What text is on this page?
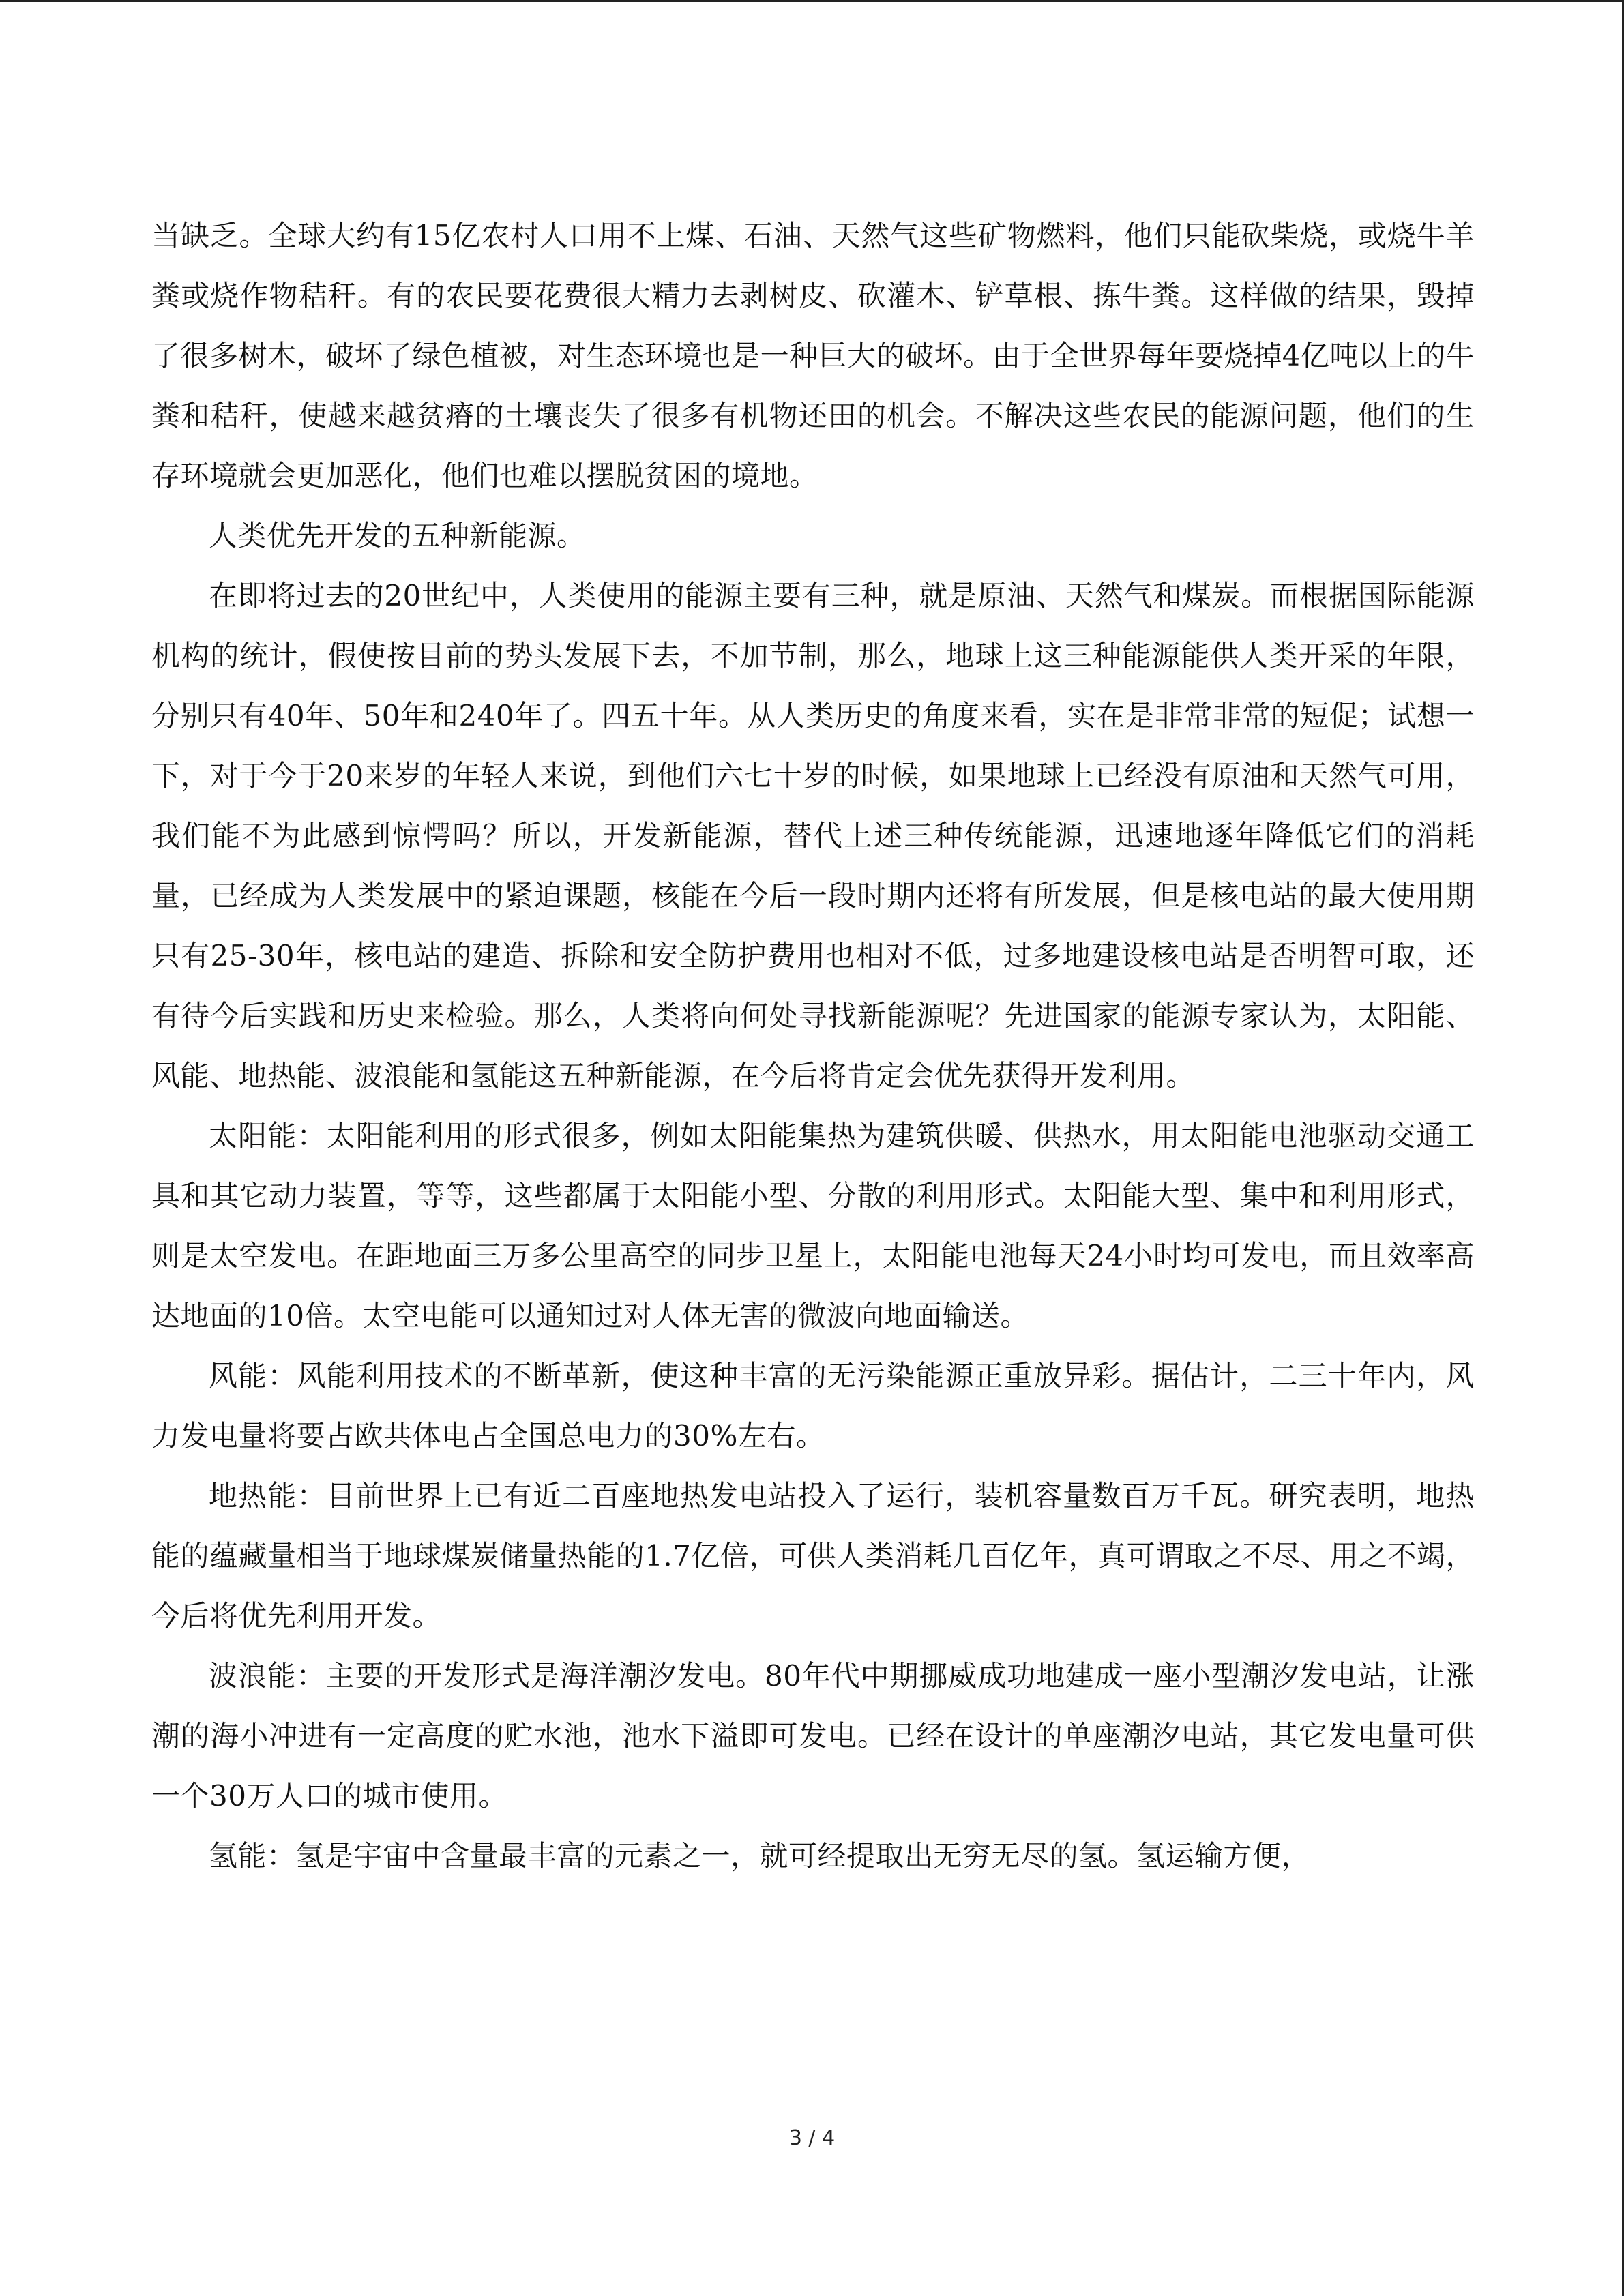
当缺乏。全球大约有15亿农村人口用不上煤、石油、天然气这些矿物燃料，他们只能砍柴烧，或烧牛羊粪或烧作物秸秆。有的农民要花费很大精力去剥树皮、砍灌木、铲草根、拣牛粪。这样做的结果，毁掉了很多树木，破坏了绿色植被，对生态环境也是一种巨大的破坏。由于全世界每年要烧掉4亿吨以上的牛粪和秸秆，使越来越贫瘠的土壤丧失了很多有机物还田的机会。不解决这些农民的能源问题，他们的生存环境就会更加恶化，他们也难以摆脱贫困的境地。

人类优先开发的五种新能源。

在即将过去的20世纪中，人类使用的能源主要有三种，就是原油、天然气和煤炭。而根据国际能源机构的统计，假使按目前的势头发展下去，不加节制，那么，地球上这三种能源能供人类开采的年限，分别只有40年、50年和240年了。四五十年。从人类历史的角度来看，实在是非常非常的短促；试想一下，对于今于20来岁的年轻人来说，到他们六七十岁的时候，如果地球上已经没有原油和天然气可用，我们能不为此感到惊愕吗？所以，开发新能源，替代上述三种传统能源，迅速地逐年降低它们的消耗量，已经成为人类发展中的紧迫课题，核能在今后一段时期内还将有所发展，但是核电站的最大使用期只有25-30年，核电站的建造、拆除和安全防护费用也相对不低，过多地建设核电站是否明智可取，还有待今后实践和历史来检验。那么，人类将向何处寻找新能源呢？先进国家的能源专家认为，太阳能、风能、地热能、波浪能和氢能这五种新能源，在今后将肯定会优先获得开发利用。

太阳能：太阳能利用的形式很多，例如太阳能集热为建筑供暖、供热水，用太阳能电池驱动交通工具和其它动力装置，等等，这些都属于太阳能小型、分散的利用形式。太阳能大型、集中和利用形式，则是太空发电。在距地面三万多公里高空的同步卫星上，太阳能电池每天24小时均可发电，而且效率高达地面的10倍。太空电能可以通知过对人体无害的微波向地面输送。

风能：风能利用技术的不断革新，使这种丰富的无污染能源正重放异彩。据估计，二三十年内，风力发电量将要占欧共体电占全国总电力的30%左右。

地热能：目前世界上已有近二百座地热发电站投入了运行，装机容量数百万千瓦。研究表明，地热能的蕴藏量相当于地球煤炭储量热能的1.7亿倍，可供人类消耗几百亿年，真可谓取之不尽、用之不竭，今后将优先利用开发。

波浪能：主要的开发形式是海洋潮汐发电。80年代中期挪威成功地建成一座小型潮汐发电站，让涨潮的海小冲进有一定高度的贮水池，池水下溢即可发电。已经在设计的单座潮汐电站，其它发电量可供一个30万人口的城市使用。

氢能：氢是宇宙中含量最丰富的元素之一，就可经提取出无穷无尽的氢。氢运输方便，

3 / 4
